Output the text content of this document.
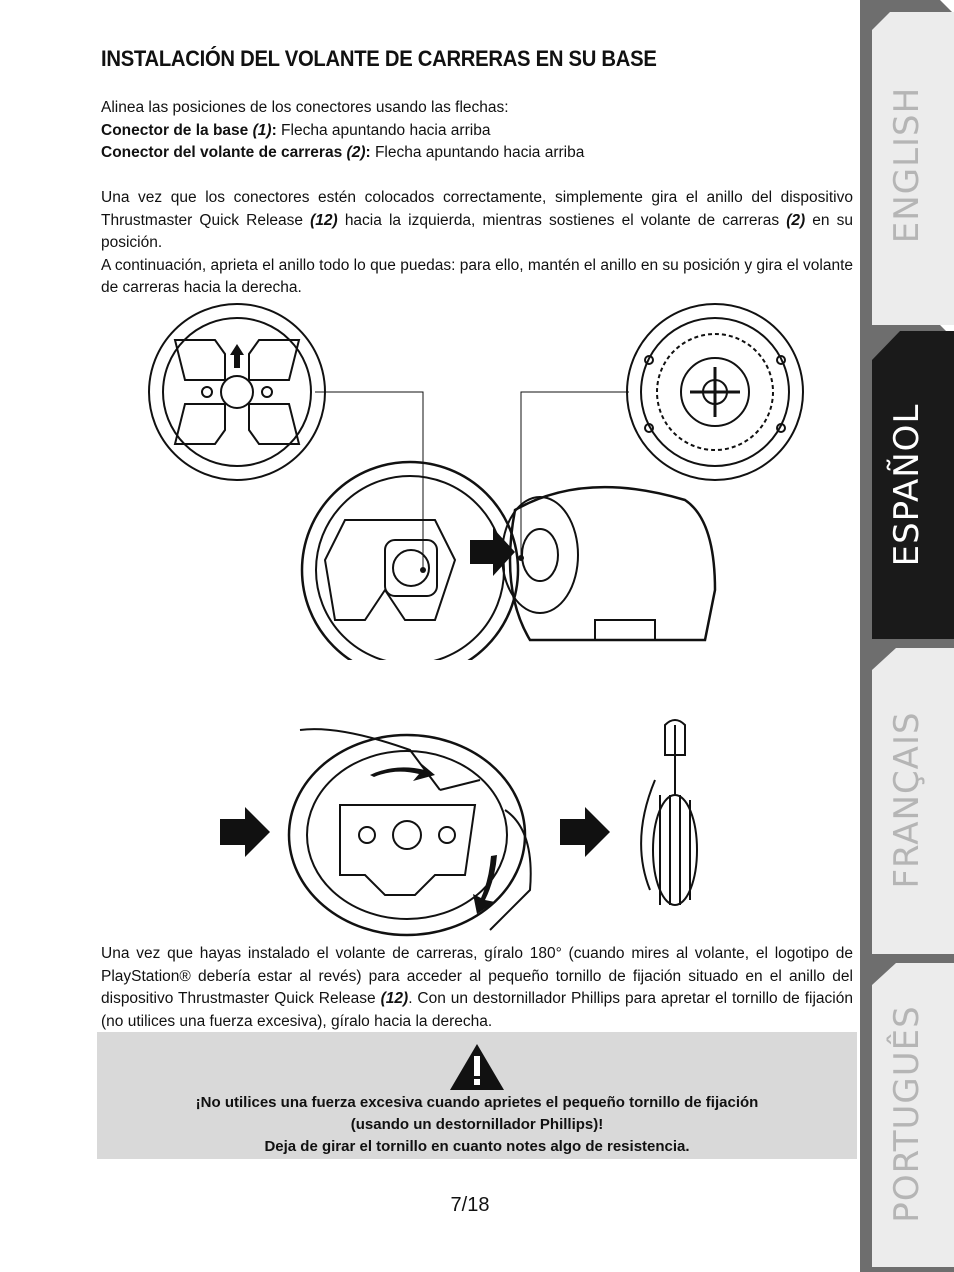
INSTALACIÓN DEL VOLANTE DE CARRERAS EN SU BASE

Alinea las posiciones de los conectores usando las flechas:

Conector de la base (1): Flecha apuntando hacia arriba

Conector del volante de carreras (2): Flecha apuntando hacia arriba

Una vez que los conectores estén colocados correctamente, simplemente gira el anillo del dispositivo Thrustmaster Quick Release (12) hacia la izquierda, mientras sostienes el volante de carreras (2) en su posición.

A continuación, aprieta el anillo todo lo que puedas: para ello, mantén el anillo en su posición y gira el volante de carreras hacia la derecha.

Una vez que hayas instalado el volante de carreras, gíralo 180° (cuando mires al volante, el logotipo de PlayStation® debería estar al revés) para acceder al pequeño tornillo de fijación situado en el anillo del dispositivo Thrustmaster Quick Release (12). Con un destornillador Phillips para apretar el tornillo de fijación (no utilices una fuerza excesiva), gíralo hacia la derecha.

¡No utilices una fuerza excesiva cuando aprietes el pequeño tornillo de fijación
(usando un destornillador Phillips)!
Deja de girar el tornillo en cuanto notes algo de resistencia.
7/18
ENGLISH
ESPAÑOL
FRANÇAIS
PORTUGUÊS
